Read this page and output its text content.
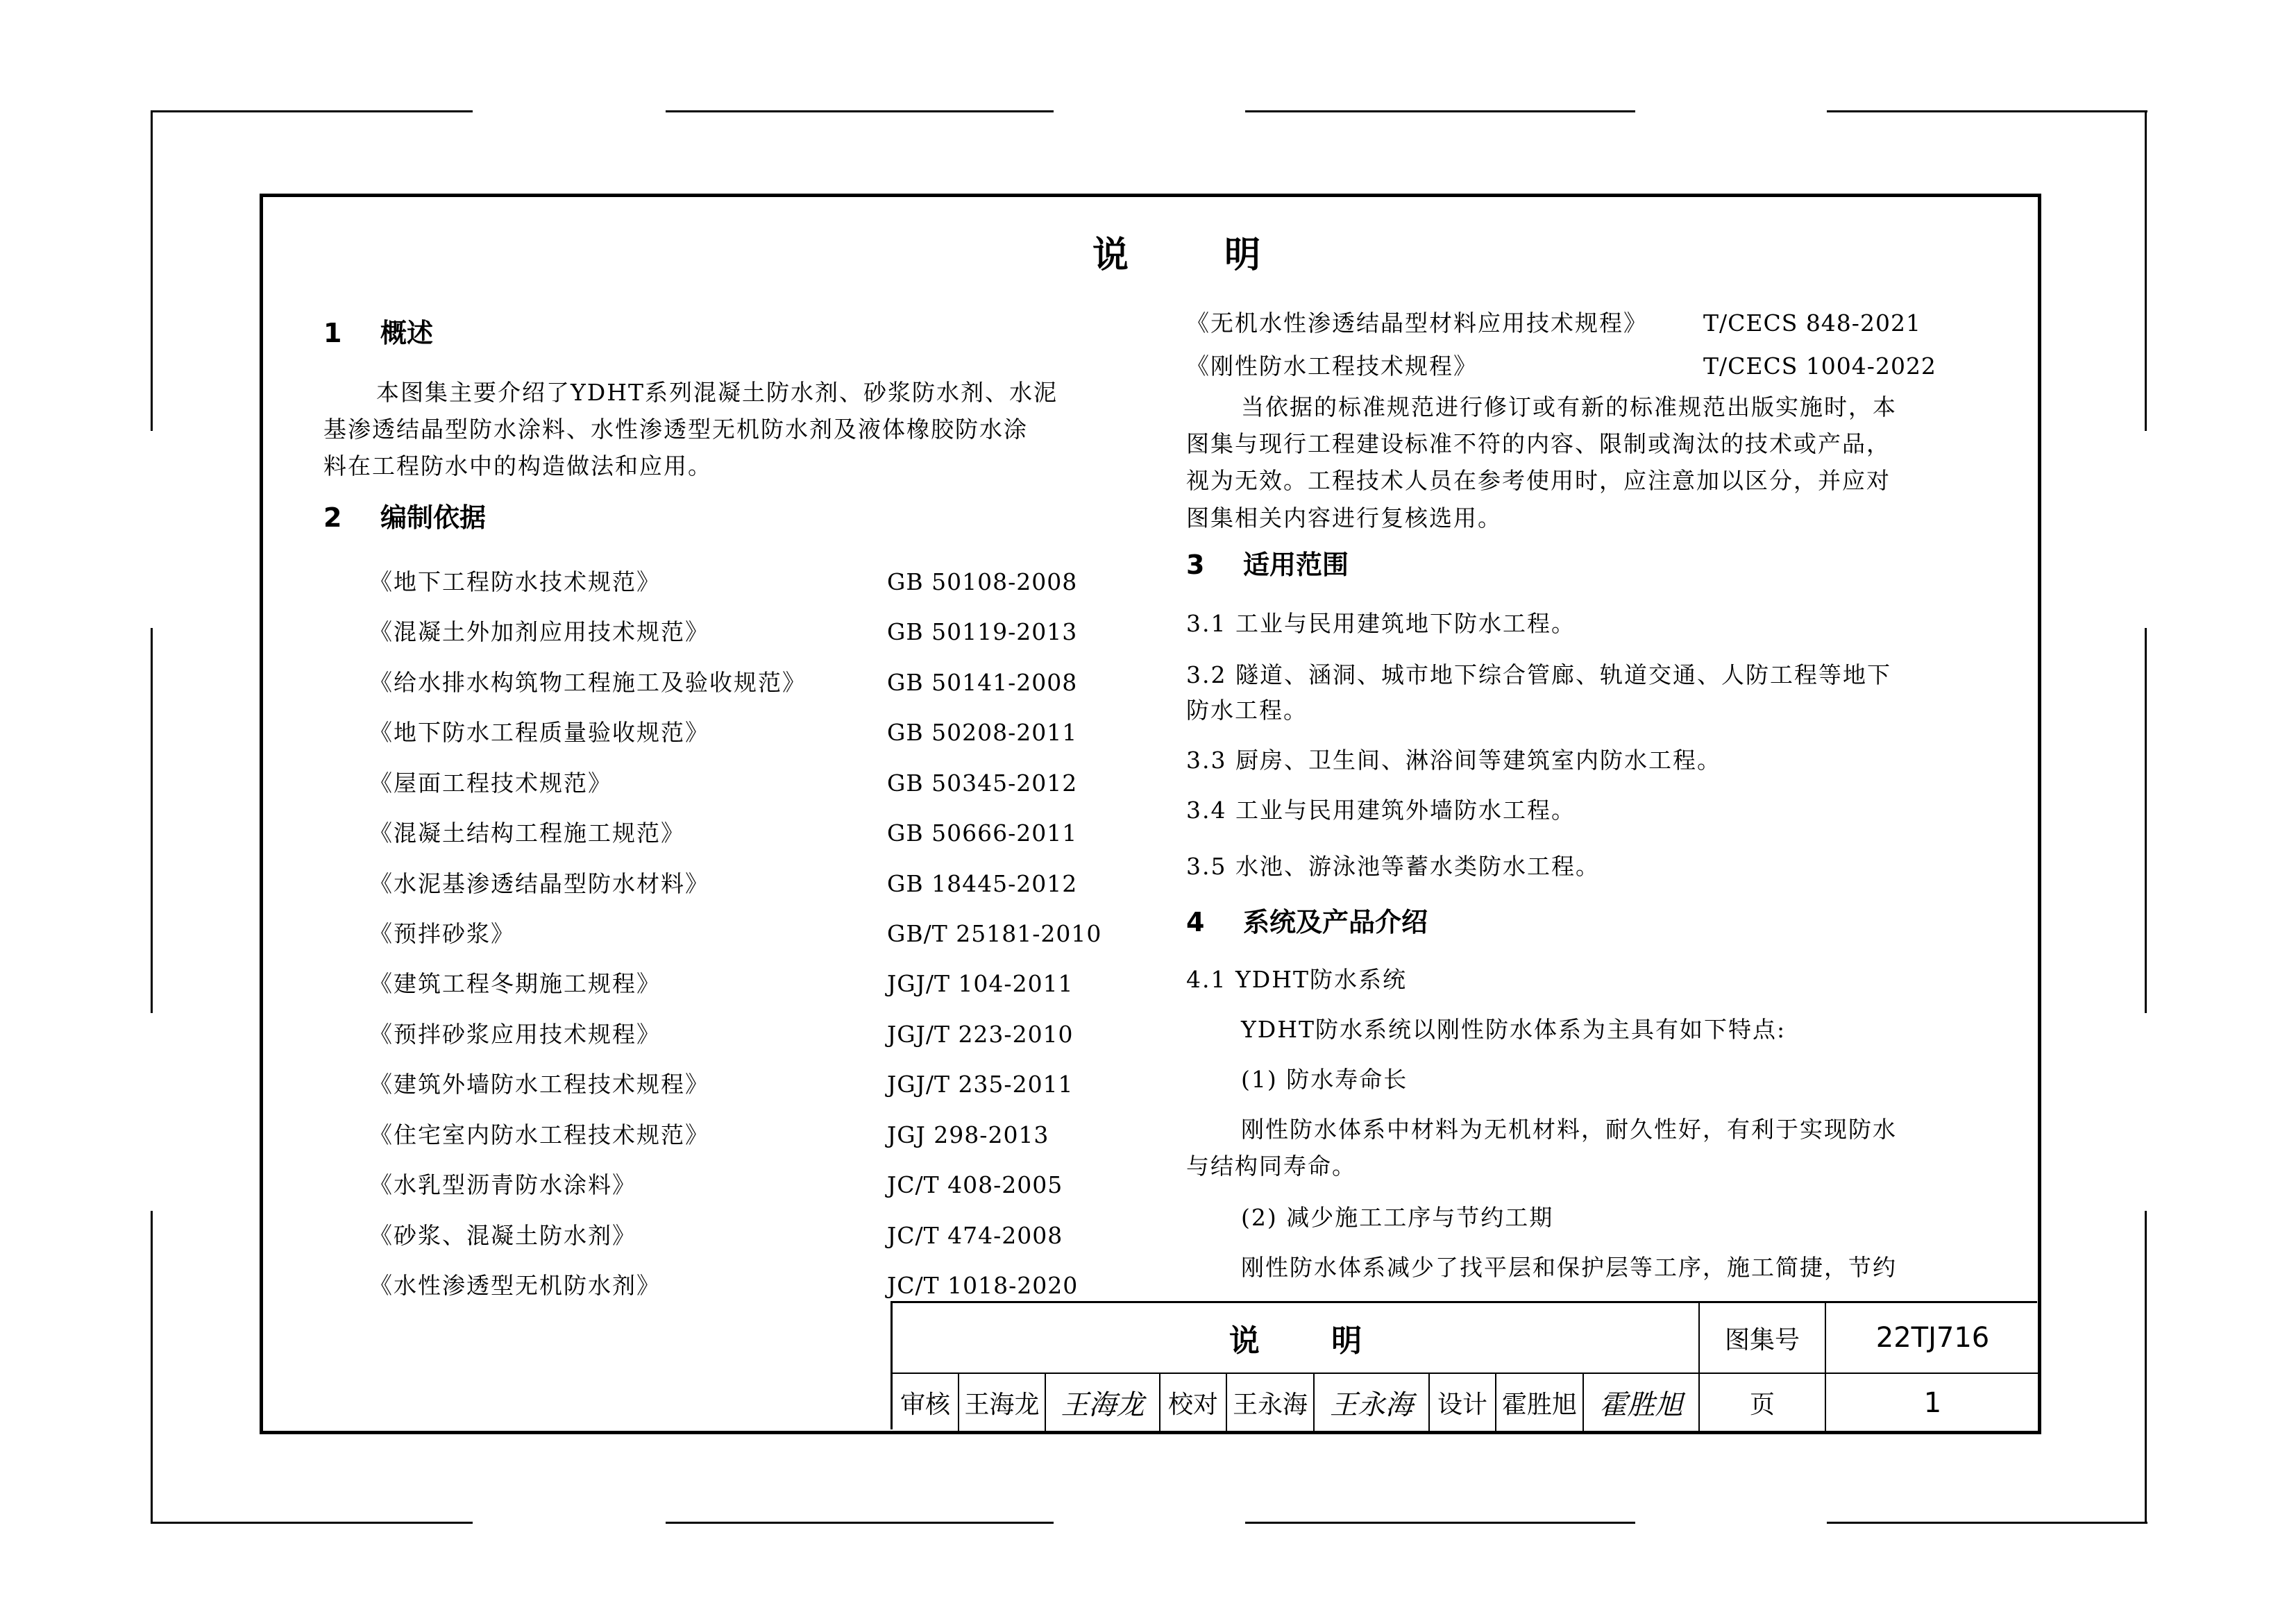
说 明
1 概述
本图集主要介绍了YDHT系列混凝土防水剂、砂浆防水剂、水泥
基渗透结晶型防水涂料、水性渗透型无机防水剂及液体橡胶防水涂
料在工程防水中的构造做法和应用。
2 编制依据
《地下工程防水技术规范》	GB 50108-2008
《混凝土外加剂应用技术规范》	GB 50119-2013
《给水排水构筑物工程施工及验收规范》	GB 50141-2008
《地下防水工程质量验收规范》	GB 50208-2011
《屋面工程技术规范》	GB 50345-2012
《混凝土结构工程施工规范》	GB 50666-2011
《水泥基渗透结晶型防水材料》	GB 18445-2012
《预拌砂浆》	GB/T 25181-2010
《建筑工程冬期施工规程》	JGJ/T 104-2011
《预拌砂浆应用技术规程》	JGJ/T 223-2010
《建筑外墙防水工程技术规程》	JGJ/T 235-2011
《住宅室内防水工程技术规范》	JGJ 298-2013
《水乳型沥青防水涂料》	JC/T 408-2005
《砂浆、混凝土防水剂》	JC/T 474-2008
《水性渗透型无机防水剂》	JC/T 1018-2020
《无机水性渗透结晶型材料应用技术规程》 T/CECS 848-2021
《刚性防水工程技术规程》	T/CECS 1004-2022
当依据的标准规范进行修订或有新的标准规范出版实施时，本
图集与现行工程建设标准不符的内容、限制或淘汰的技术或产品，
视为无效。工程技术人员在参考使用时，应注意加以区分，并应对
图集相关内容进行复核选用。
3 适用范围
3.1 工业与民用建筑地下防水工程。
3.2 隧道、涵洞、城市地下综合管廊、轨道交通、人防工程等地下
防水工程。
3.3 厨房、卫生间、淋浴间等建筑室内防水工程。
3.4 工业与民用建筑外墙防水工程。
3.5 水池、游泳池等蓄水类防水工程。
4 系统及产品介绍
4.1 YDHT防水系统
YDHT防水系统以刚性防水体系为主具有如下特点:
(1) 防水寿命长
刚性防水体系中材料为无机材料，耐久性好，有利于实现防水
与结构同寿命。
(2) 减少施工工序与节约工期
刚性防水体系减少了找平层和保护层等工序，施工简捷，节约
说 明	图集号	22TJ716
审核 王海龙 王海龙 校对 王永海 王永海 设计 霍胜旭 霍胜旭	页	1
